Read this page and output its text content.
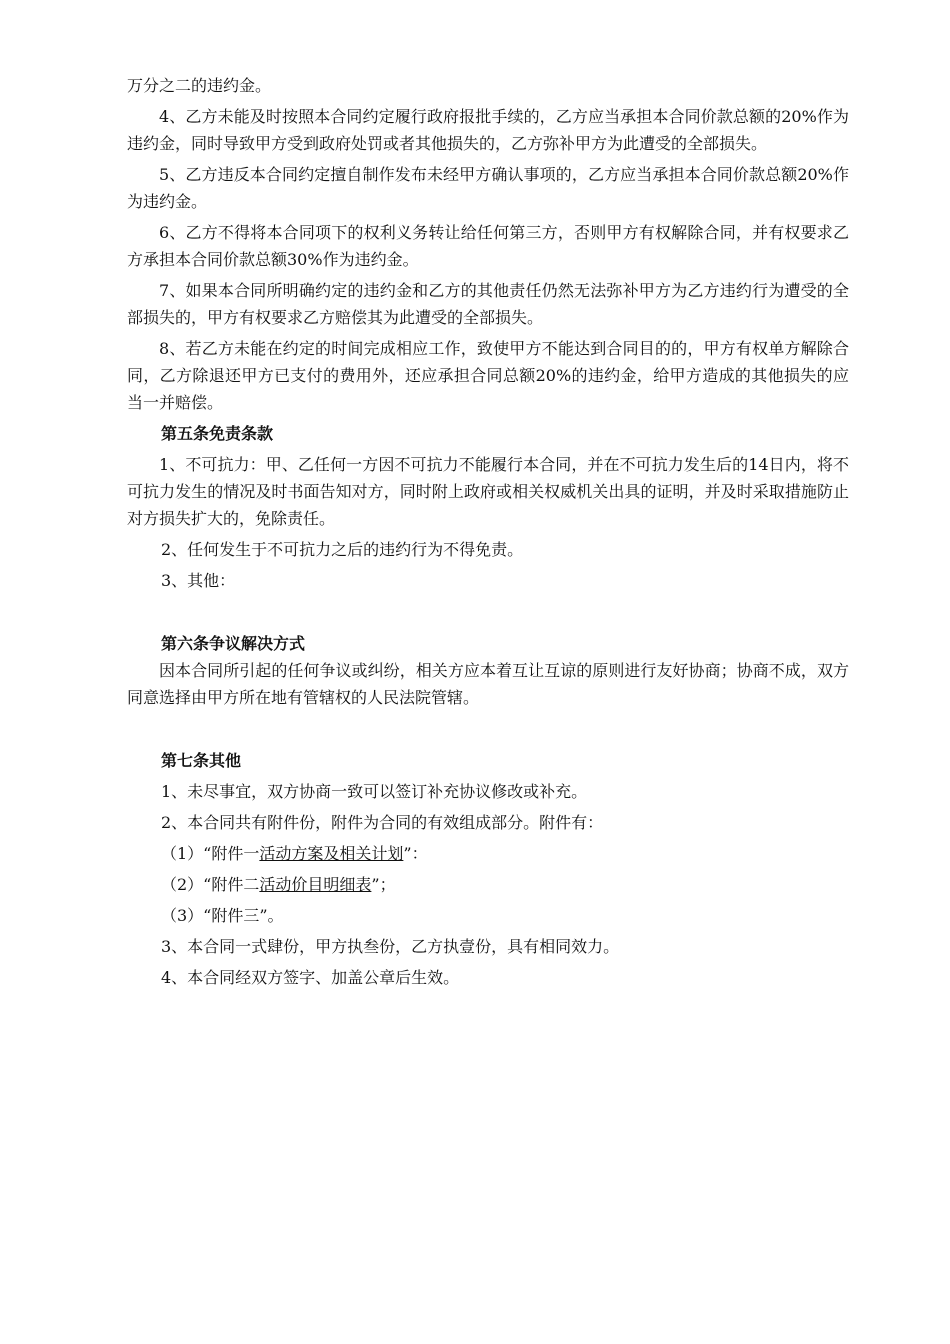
万分之二的违约金。

4、乙方未能及时按照本合同约定履行政府报批手续的，乙方应当承担本合同价款总额的20%作为违约金，同时导致甲方受到政府处罚或者其他损失的，乙方弥补甲方为此遭受的全部损失。

5、乙方违反本合同约定擅自制作发布未经甲方确认事项的，乙方应当承担本合同价款总额20%作为违约金。

6、乙方不得将本合同项下的权利义务转让给任何第三方，否则甲方有权解除合同，并有权要求乙方承担本合同价款总额30%作为违约金。

7、如果本合同所明确约定的违约金和乙方的其他责任仍然无法弥补甲方为乙方违约行为遭受的全部损失的，甲方有权要求乙方赔偿其为此遭受的全部损失。

8、若乙方未能在约定的时间完成相应工作，致使甲方不能达到合同目的的，甲方有权单方解除合同，乙方除退还甲方已支付的费用外，还应承担合同总额20%的违约金，给甲方造成的其他损失的应当一并赔偿。

第五条免责条款

1、不可抗力：甲、乙任何一方因不可抗力不能履行本合同，并在不可抗力发生后的14日内，将不可抗力发生的情况及时书面告知对方，同时附上政府或相关权威机关出具的证明，并及时采取措施防止对方损失扩大的，免除责任。

2、任何发生于不可抗力之后的违约行为不得免责。
3、其他：
第六条争议解决方式

因本合同所引起的任何争议或纠纷，相关方应本着互让互谅的原则进行友好协商；协商不成，双方同意选择由甲方所在地有管辖权的人民法院管辖。

第七条其他
1、未尽事宜，双方协商一致可以签订补充协议修改或补充。
2、本合同共有附件份，附件为合同的有效组成部分。附件有：
（1）“附件一活动方案及相关计划”：
（2）“附件二活动价目明细表”；
（3）“附件三”。
3、本合同一式肆份，甲方执叁份，乙方执壹份，具有相同效力。
4、本合同经双方签字、加盖公章后生效。
